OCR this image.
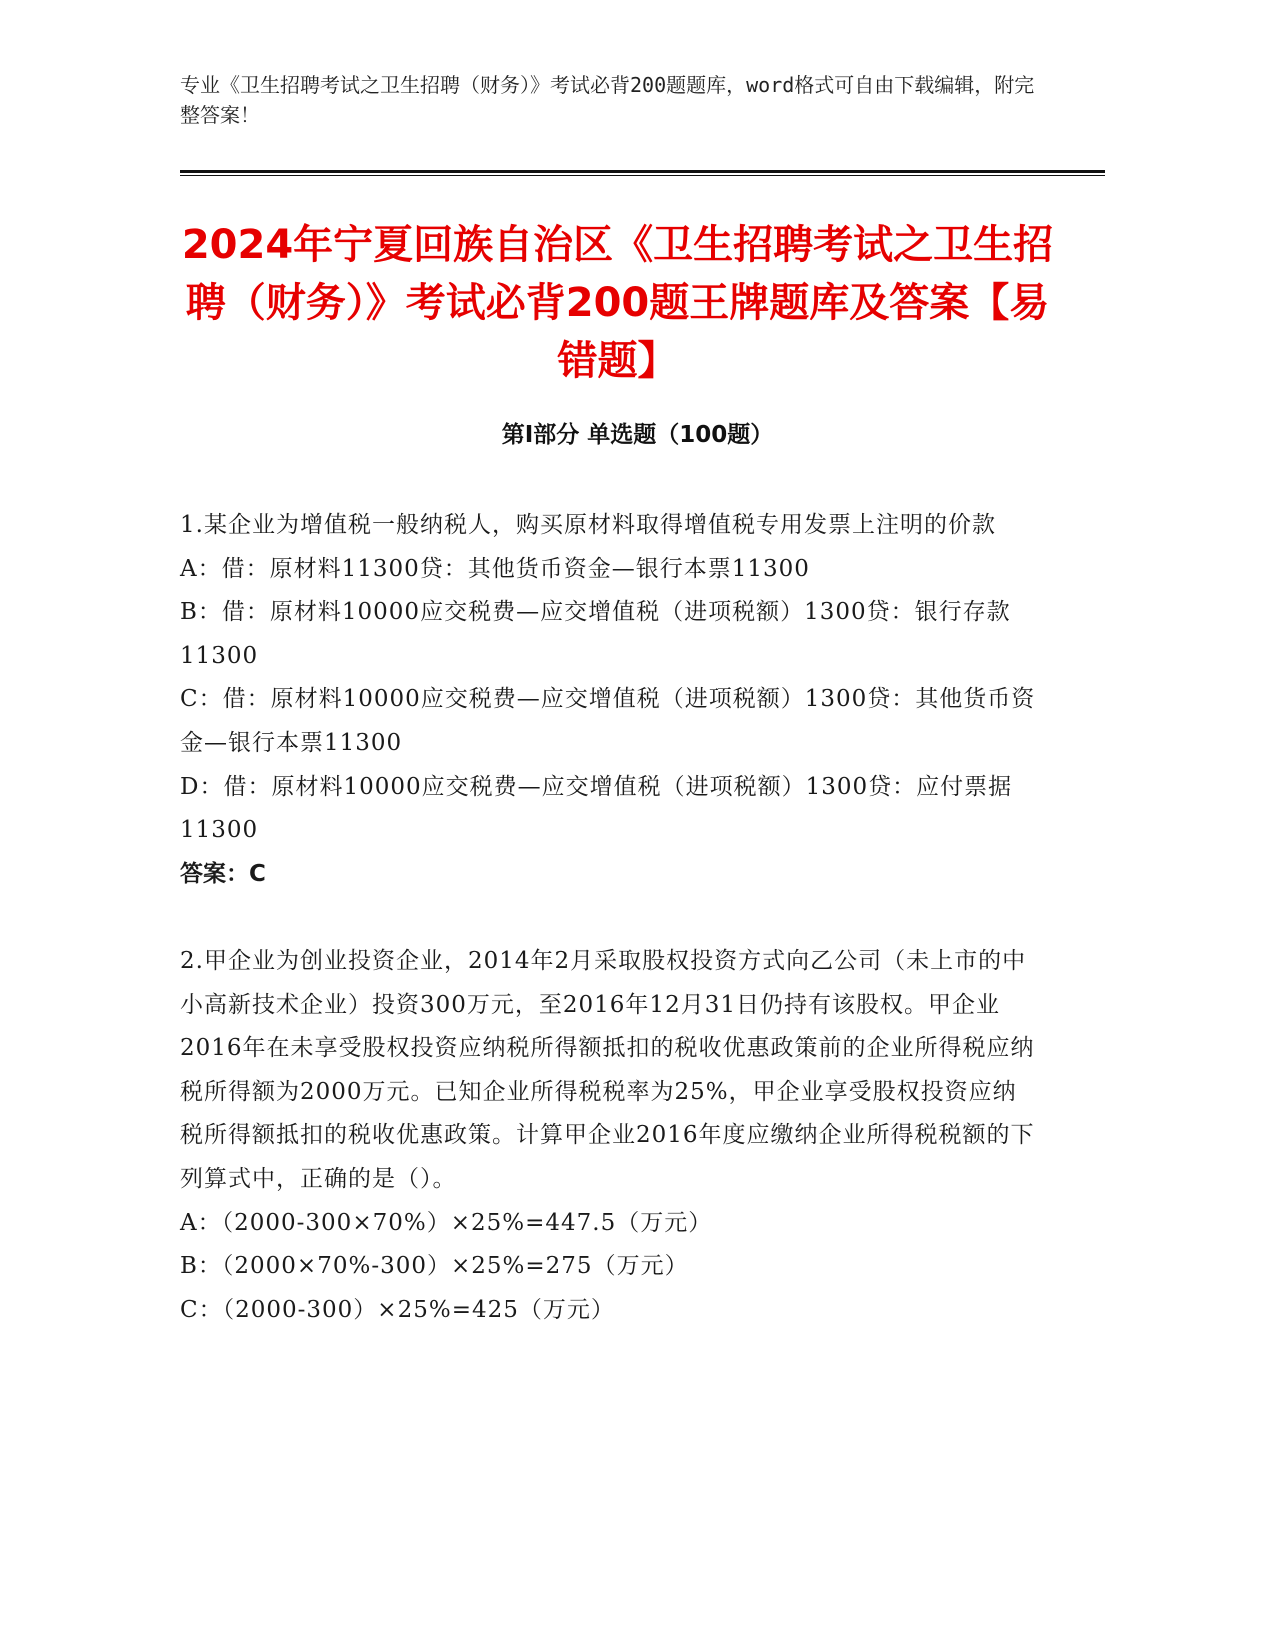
专业《卫生招聘考试之卫生招聘（财务）》考试必背200题题库，word格式可自由下载编辑，附完整答案！
2024年宁夏回族自治区《卫生招聘考试之卫生招聘（财务）》考试必背200题王牌题库及答案【易错题】
第Ⅰ部分 单选题（100题）

1.某企业为增值税一般纳税人，购买原材料取得增值税专用发票上注明的价款

A：借：原材料11300贷：其他货币资金—银行本票11300

B：借：原材料10000应交税费—应交增值税（进项税额）1300贷：银行存款11300

C：借：原材料10000应交税费—应交增值税（进项税额）1300贷：其他货币资金—银行本票11300

D：借：原材料10000应交税费—应交增值税（进项税额）1300贷：应付票据11300

答案：C

2.甲企业为创业投资企业，2014年2月采取股权投资方式向乙公司（未上市的中小高新技术企业）投资300万元，至2016年12月31日仍持有该股权。甲企业2016年在未享受股权投资应纳税所得额抵扣的税收优惠政策前的企业所得税应纳税所得额为2000万元。已知企业所得税税率为25%，甲企业享受股权投资应纳税所得额抵扣的税收优惠政策。计算甲企业2016年度应缴纳企业所得税税额的下列算式中，正确的是（）。

A：（2000-300×70%）×25%=447.5（万元）

B：（2000×70%-300）×25%=275（万元）

C：（2000-300）×25%=425（万元）
